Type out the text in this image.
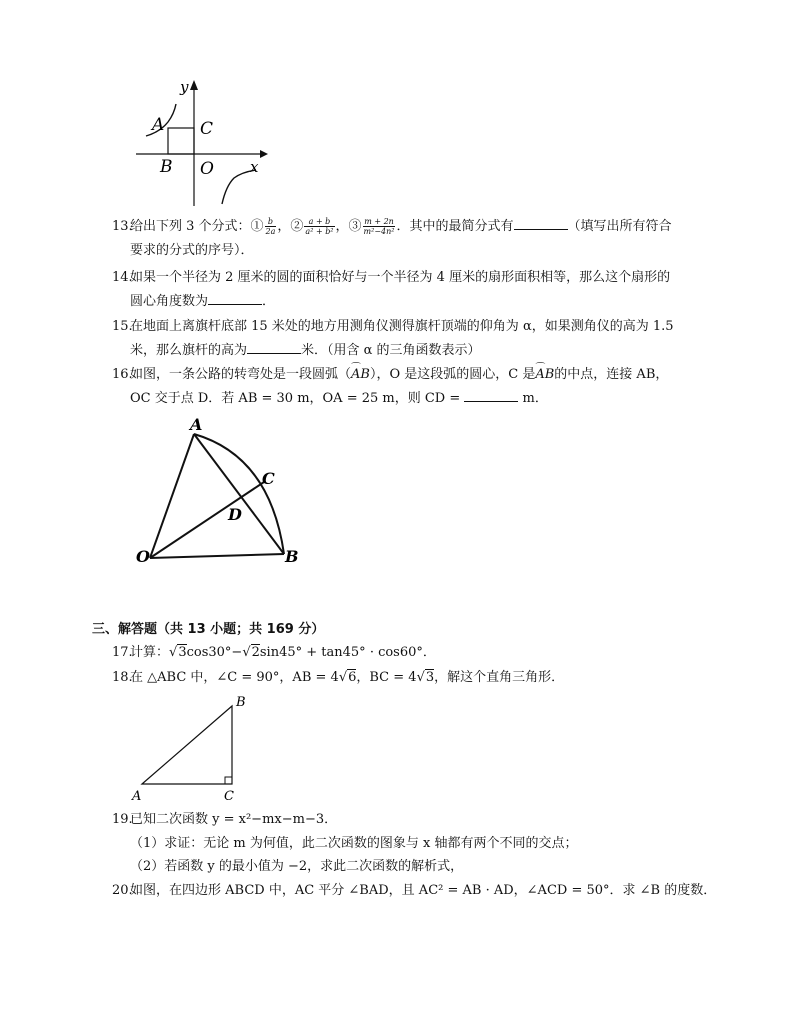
y
A C
B O x
13.给出下列 3 个分式：① $\frac{b}{2a}$ ，② $\frac{a + b}{\text{a² + b²}}$ ，③ $\frac{m + 2n}{\text{m²−4n²}}$ ．其中的最简分式有	（填写出所有符合
要求的分式的序号）．
14.如果一个半径为 2 厘米的圆的面积恰好与一个半径为 4 厘米的扇形面积相等，那么这个扇形的
圆心角度数为	．
15.在地面上离旗杆底部 15 米处的地方用测角仪测得旗杆顶端的仰角为 α，如果测角仪的高为 1.5
米，那么旗杆的高为	米．（用含 α 的三角函数表示）
16.如图，一条公路的转弯处是一段圆弧（⌒ AB），O 是这段弧的圆心，C 是⌒ AB的中点，连接 AB，
OC 交于点 D．若 AB = 30 m，OA = 25 m，则 CD =	m．
A
C
D
O	B
三、解答题（共 13 小题；共 169 分）
17.计算：√3cos30°−√2sin45° + tan45° · cos60°．
18.在 △ABC 中，∠C = 90°，AB = 4√6，BC = 4√3，解这个直角三角形．
B
A	C
19.已知二次函数 y = x²−mx−m−3．
（1）求证：无论 m 为何值，此二次函数的图象与 x 轴都有两个不同的交点；
（2）若函数 y 的最小值为 −2，求此二次函数的解析式，
20.如图，在四边形 ABCD 中，AC 平分 ∠BAD，且 AC² = AB · AD，∠ACD = 50°．求 ∠B 的度数．
